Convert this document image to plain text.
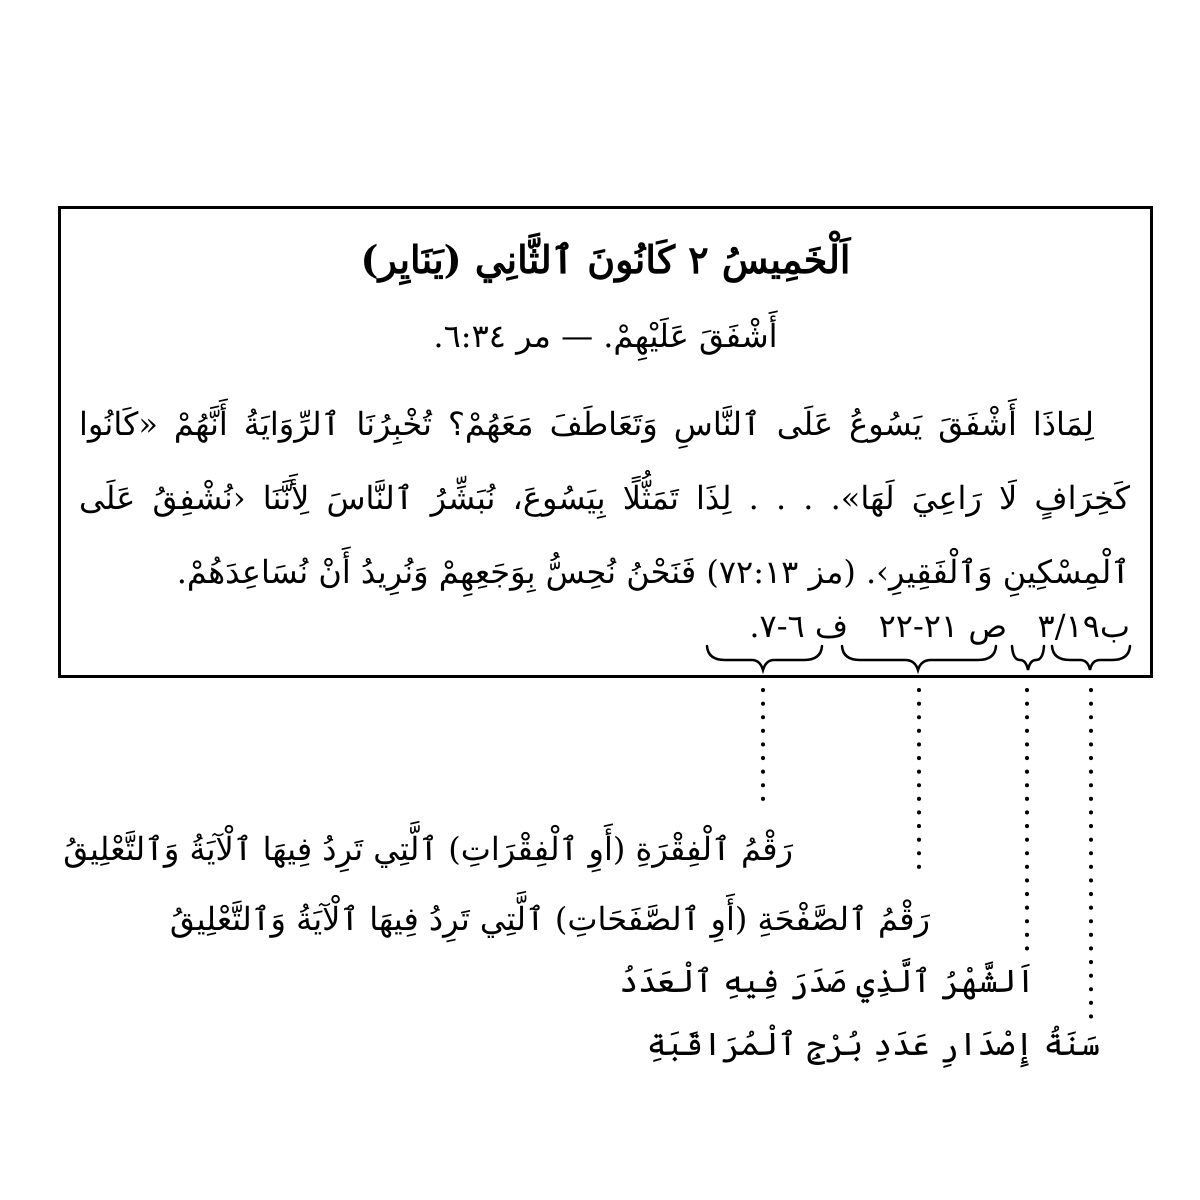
اَلْخَمِيسُ ٢ كَانُونَ ٱلثَّانِي (يَنَايِر)
أَشْفَقَ عَلَيْهِمْ. — مر ٦:٣٤.
لِمَاذَا أَشْفَقَ يَسُوعُ عَلَى ٱلنَّاسِ وَتَعَاطَفَ مَعَهُمْ؟ تُخْبِرُنَا ٱلرِّوَايَةُ أَنَّهُمْ «كَانُوا كَخِرَافٍ لَا رَاعِيَ لَهَا». . . . لِذَا تَمَثُّلًا بِيَسُوعَ، نُبَشِّرُ ٱلنَّاسَ لِأَنَّنَا ‹نُشْفِقُ عَلَى ٱلْمِسْكِينِ وَٱلْفَقِيرِ›. (مز ٧٢:١٣) فَنَحْنُ نُحِسُّ بِوَجَعِهِمْ وَنُرِيدُ أَنْ نُسَاعِدَهُمْ.
ب١٩/٣   ص ٢١-٢٢   ف ٦-٧.
رَقْمُ ٱلْفِقْرَةِ (أَوِ ٱلْفِقْرَاتِ) ٱلَّتِي تَرِدُ فِيهَا ٱلْآيَةُ وَٱلتَّعْلِيقُ
رَقْمُ ٱلصَّفْحَةِ (أَوِ ٱلصَّفَحَاتِ) ٱلَّتِي تَرِدُ فِيهَا ٱلْآيَةُ وَٱلتَّعْلِيقُ
اَلشَّهْرُ ٱلَّذِي صَدَرَ فِيهِ ٱلْعَدَدُ
سَنَةُ إِصْدَارِ عَدَدِ بُرْجِ ٱلْمُرَاقَبَةِ
